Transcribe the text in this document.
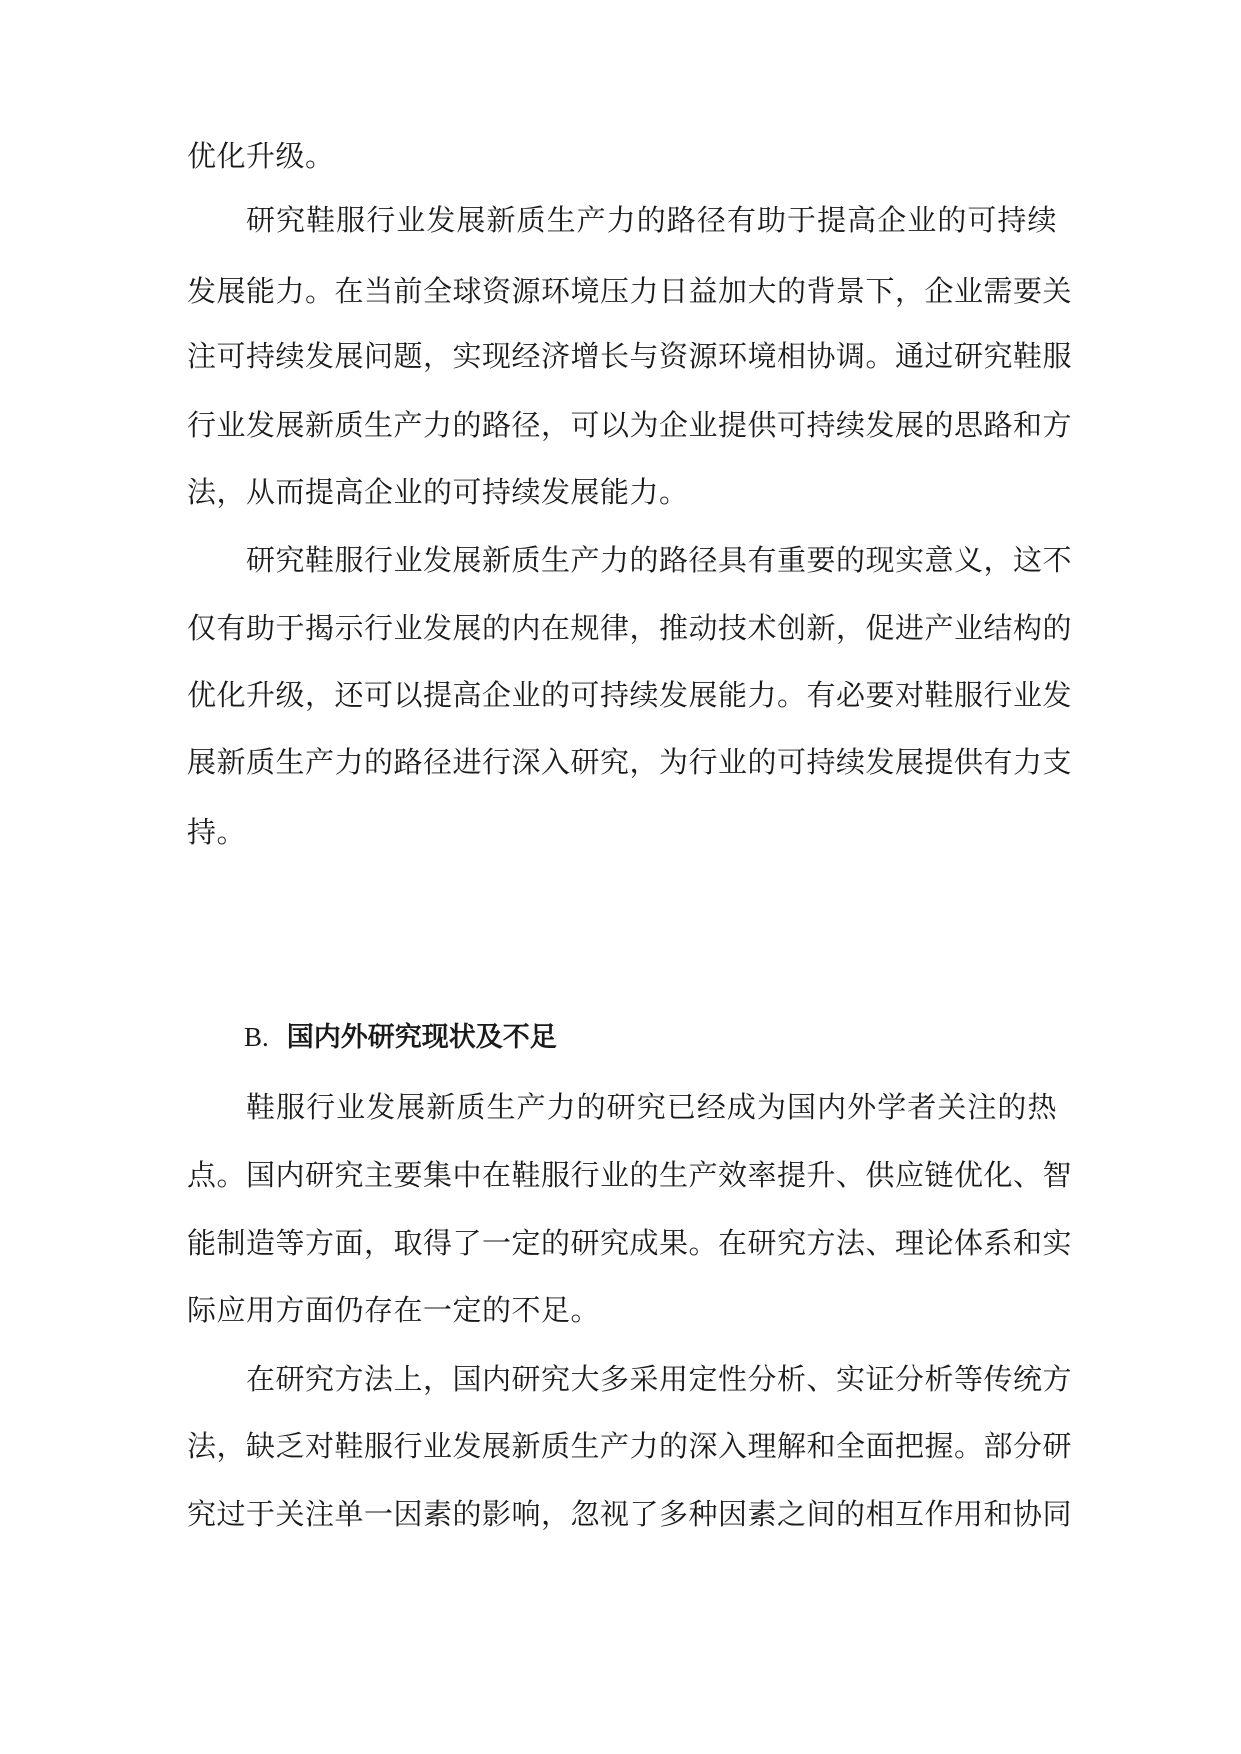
优化升级。
研究鞋服行业发展新质生产力的路径有助于提高企业的可持续
发展能力。在当前全球资源环境压力日益加大的背景下，企业需要关
注可持续发展问题，实现经济增长与资源环境相协调。通过研究鞋服
行业发展新质生产力的路径，可以为企业提供可持续发展的思路和方
法，从而提高企业的可持续发展能力。
研究鞋服行业发展新质生产力的路径具有重要的现实意义，这不
仅有助于揭示行业发展的内在规律，推动技术创新，促进产业结构的
优化升级，还可以提高企业的可持续发展能力。有必要对鞋服行业发
展新质生产力的路径进行深入研究，为行业的可持续发展提供有力支
持。
B. 国内外研究现状及不足
鞋服行业发展新质生产力的研究已经成为国内外学者关注的热
点。国内研究主要集中在鞋服行业的生产效率提升、供应链优化、智
能制造等方面，取得了一定的研究成果。在研究方法、理论体系和实
际应用方面仍存在一定的不足。
在研究方法上，国内研究大多采用定性分析、实证分析等传统方
法，缺乏对鞋服行业发展新质生产力的深入理解和全面把握。部分研
究过于关注单一因素的影响，忽视了多种因素之间的相互作用和协同
